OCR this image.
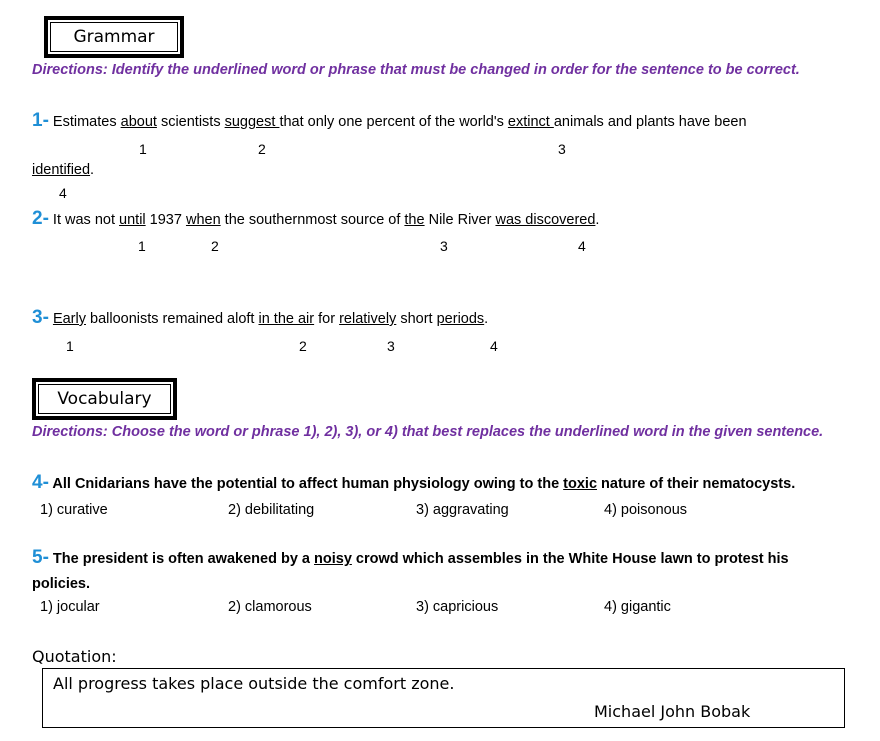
Grammar
Directions: Identify the underlined word or phrase that must be changed in order for the sentence to be correct.
1- Estimates about scientists suggest that only one percent of the world's extinct animals and plants have been
1	2	3
identified.
4
2- It was not until 1937 when the southernmost source of the Nile River was discovered.
1	2	3	4
3- Early balloonists remained aloft in the air for relatively short periods.
1	2	3	4
Vocabulary
Directions: Choose the word or phrase 1), 2), 3), or 4) that best replaces the underlined word in the given sentence.
4- All Cnidarians have the potential to affect human physiology owing to the toxic nature of their nematocysts.
1) curative	2) debilitating	3) aggravating	4) poisonous
5- The president is often awakened by a noisy crowd which assembles in the White House lawn to protest his
policies.
1) jocular	2) clamorous	3) capricious	4) gigantic
Quotation:
All progress takes place outside the comfort zone.
Michael John Bobak
